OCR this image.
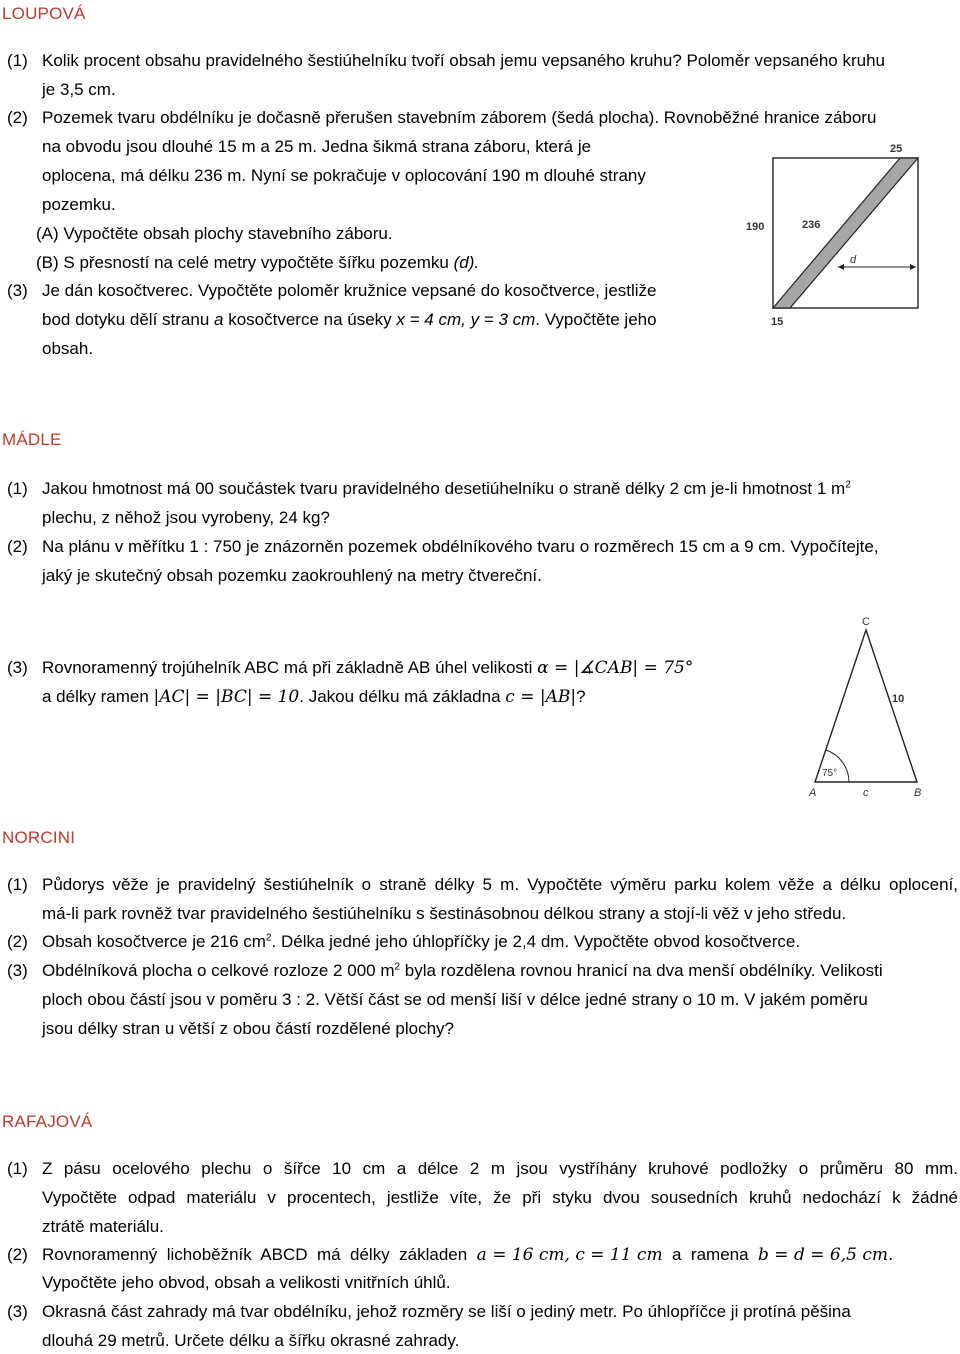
LOUPOVÁ
(1) Kolik procent obsahu pravidelného šestiúhelníku tvoří obsah jemu vepsaného kruhu? Poloměr vepsaného kruhu
je 3,5 cm.
(2) Pozemek tvaru obdélníku je dočasně přerušen stavebním záborem (šedá plocha). Rovnoběžné hranice záboru
na obvodu jsou dlouhé 15 m a 25 m. Jedna šikmá strana záboru, která je
oplocena, má délku 236 m. Nyní se pokračuje v oplocování 190 m dlouhé strany
pozemku.
(A) Vypočtěte obsah plochy stavebního záboru.
(B) S přesností na celé metry vypočtěte šířku pozemku (d).
(3) Je dán kosočtverec. Vypočtěte poloměr kružnice vepsané do kosočtverce, jestliže
bod dotyku dělí stranu a kosočtverce na úseky x = 4 cm, y = 3 cm. Vypočtěte jeho
obsah.
25
190	236
d
15
MÁDLE
(1) Jakou hmotnost má 00 součástek tvaru pravidelného desetiúhelníku o straně délky 2 cm je-li hmotnost 1 $m^2$
plechu, z něhož jsou vyrobeny, 24 kg?
(2) Na plánu v měřítku 1 : 750 je znázorněn pozemek obdélníkového tvaru o rozměrech 15 cm a 9 cm. Vypočítejte,
jaký je skutečný obsah pozemku zaokrouhlený na metry čtvereční.
(3) Rovnoramenný trojúhelník ABC má při základně AB úhel velikosti α = |∡CAB| = 75°
a délky ramen |AC| = |BC| = 10. Jakou délku má základna c = |AB|?
C
10
75°
A	c	B
NORCINI
(1) Půdorys věže je pravidelný šestiúhelník o straně délky 5 m. Vypočtěte výměru parku kolem věže a délku oplocení,
má-li park rovněž tvar pravidelného šestiúhelníku s šestinásobnou délkou strany a stojí-li věž v jeho středu.
(2) Obsah kosočtverce je 216 $cm^2$. Délka jedné jeho úhlopříčky je 2,4 dm. Vypočtěte obvod kosočtverce.
(3) Obdélníková plocha o celkové rozloze 2 000 $m^2$ byla rozdělena rovnou hranicí na dva menší obdélníky. Velikosti
ploch obou částí jsou v poměru 3 : 2. Větší část se od menší liší v délce jedné strany o 10 m. V jakém poměru
jsou délky stran u větší z obou částí rozdělené plochy?
RAFAJOVÁ
(1) Z pásu ocelového plechu o šířce 10 cm a délce 2 m jsou vystříhány kruhové podložky o průměru 80 mm.
Vypočtěte odpad materiálu v procentech, jestliže víte, že při styku dvou sousedních kruhů nedochází k žádné
ztrátě materiálu.
(2) Rovnoramenný  lichoběžník  ABCD  má  délky  základen  a = 16 cm, c = 11 cm  a  ramena  b = d = 6,5 cm.
Vypočtěte jeho obvod, obsah a velikosti vnitřních úhlů.
(3) Okrasná část zahrady má tvar obdélníku, jehož rozměry se liší o jediný metr. Po úhlopříčce ji protíná pěšina
dlouhá 29 metrů. Určete délku a šířku okrasné zahrady.
